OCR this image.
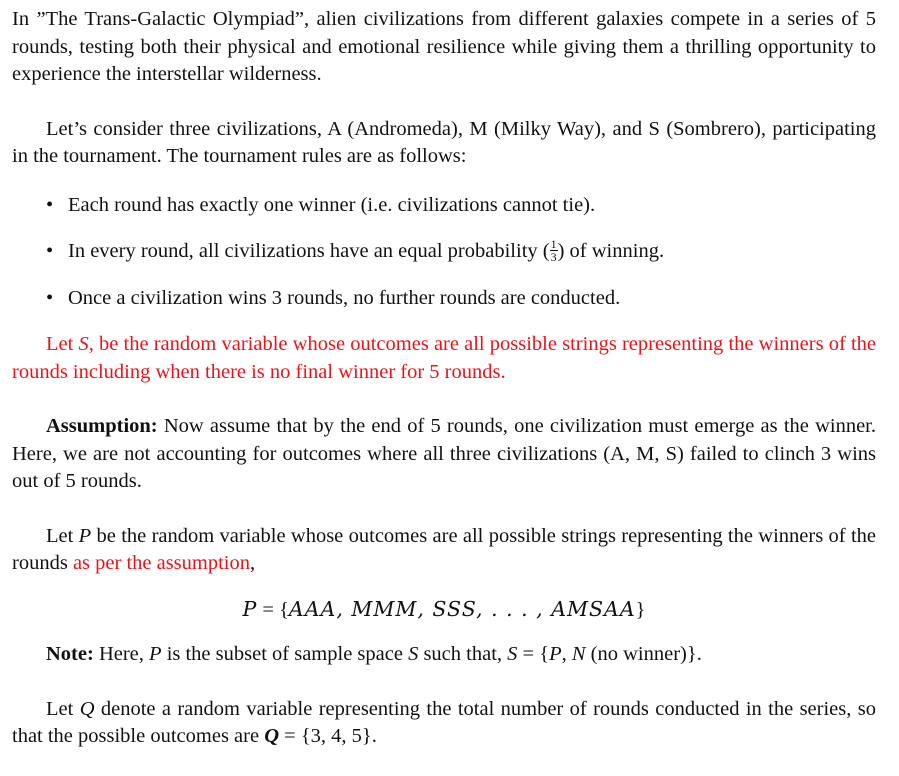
In ”The Trans-Galactic Olympiad”, alien civilizations from different galaxies compete in a series of 5 rounds, testing both their physical and emotional resilience while giving them a thrilling opportunity to experience the interstellar wilderness.

Let’s consider three civilizations, A (Andromeda), M (Milky Way), and S (Sombrero), participating in the tournament. The tournament rules are as follows:

• Each round has exactly one winner (i.e. civilizations cannot tie).
• In every round, all civilizations have an equal probability ( $\frac{1}{3}$ ) of winning.
• Once a civilization wins 3 rounds, no further rounds are conducted.

Let S, be the random variable whose outcomes are all possible strings representing the winners of the rounds including when there is no final winner for 5 rounds.

Assumption: Now assume that by the end of 5 rounds, one civilization must emerge as the winner. Here, we are not accounting for outcomes where all three civilizations (A, M, S) failed to clinch 3 wins out of 5 rounds.

Let P be the random variable whose outcomes are all possible strings representing the winners of the rounds as per the assumption,

P = {AAA, MMM, SSS, . . . , AMSAA}

Note: Here, P is the subset of sample space S such that, S = {P, N (no winner)}.

Let Q denote a random variable representing the total number of rounds conducted in the series, so that the possible outcomes are Q = {3, 4, 5}.
